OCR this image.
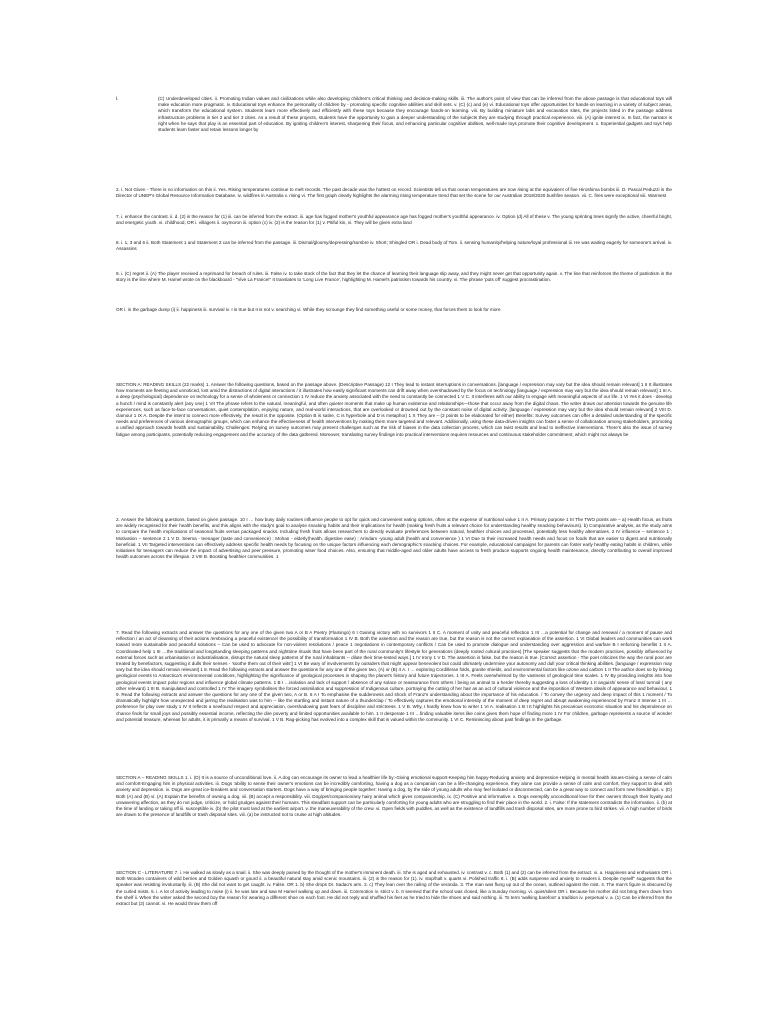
i.	(C) Underdeveloped cities. ii. Promoting Indian values and civilizations while also developing children's critical thinking and decision-making skills. iii. The author's point of view that can be inferred from the above passage is that educational toys will make education more pragmatic. iv. Educational toys enhance the personality of children by - promoting specific cognitive abilities and skill sets. v. (C) (c) and (e) vi. Educational toys offer opportunities for hands-on learning in a variety of subject areas, which transform the educational system. Students learn more effectively and efficiently with these toys because they encourage hands-on learning. viii. By building miniature labs and excavation sites, the projects listed in the passage address infrastructure problems in tier 2 and tier 3 cities. As a result of these projects, students have the opportunity to gain a deeper understanding of the subjects they are studying through practical experience. viii. (A) ignite interest ix. In fact, the narrator is right when he says that play is an essential part of education. By igniting children's interest, sharpening their focus, and enhancing particular cognitive abilities, well-made toys promote their cognitive development. x. Experiential gadgets and toys help students learn faster and retain lessons longer by

2. i. Not Given - There is no information on this ii. Yes. Rising temperatures continue to melt records. The past decade was the hottest on record. Scientists tell us that ocean temperatures are now rising at the equivalent of five Hiroshima bombs iii. D. Pascal Peduzzi is the Director of UNEP's Global Resource Information Database. iv. wildfires in Australia v. rising vi. The first graph clearly highlights the alarming rising temperature trend that set the scene for our Australian 2019/2020 bushfire season. vii. C. fires were exceptional viii. Warmest

7. i. enhance the contrast. ii. d. (2) is the reason for (1) iii. can be inferred from the extract. iii. age has fogged mother's youthful appearance age has fogged mother's youthful appearance. iv. Option (d) All of these v. The young sprinting trees signify the active, cheerful bright, and energetic youth. vi. childhood, OR i. villagers ii. oxymoron iii. option (c) iv. (2) is the reason for (1) v. Pitiful kin, vi. They will be given extra land

8. i. 1, 3 and 6 ii. Both Statement 1 and Statement 2 can be inferred from the passage. iii. Dismal/gloomy/depressing/sombre iv. Short; Shingled OR i. Dead body of Tom. ii. sensing humanity/helping nature/loyal professional iii. He was waiting eagerly for someone's arrival. iv. Assassins

9. i. (C) regret ii. (A) The player received a reprimand for breach of rules. iii. False iv. to take stock of the fact that they let the chance of learning their language slip away, and they might never get that opportunity again. v. The line that reinforces the theme of patriotism in the story is the line where M. Hamel wrote on the blackboard - "Vive La France!" It translates to 'Long Live France', highlighting M. Hamel's patriotism towards his country. vi. The phrase 'puts off' suggest procrastination.

OR i. in the garbage dump (i) ii. happiness iii. survival iv. I is true but II is not v. searching vi. While they scrounge they find something useful or some money, that forces them to look for more

SECTION A: READING SKILLS (22 marks) 1. Answer the following questions, based on the passage above. (Descriptive Passage) 12 I They lead to instant interruptions in conversations. [language / expression may vary but the idea should remain relevant] 1 II It illustrates how moments are fleeting and unnoticed, lost amid the distractions of digital interactions / it illustrates how easily significant moments can drift away when overshadowed by the focus on technology [language / expression may vary but the idea should remain relevant] 1 III A. a deep (psychological) dependence on technology for a sense of wholeness or connection 1 IV reduce the anxiety associated with the need to constantly be connected 1 V C. It interferes with our ability to engage with meaningful aspects of our life. 1 VI Yes it does - develop a hunch / mind is constantly alert (any one) 1 VII The phrase refers to the natural, meaningful, and often quieter moments that make up human existence and relationships—those that occur away from the digital chaos. The writer draws our attention towards the genuine life experiences, such as face-to-face conversations, quiet contemplation, enjoying nature, and real-world interactions, that are overlooked or drowned out by the constant noise of digital activity. [language / expression may vary but the idea should remain relevant] 2 VIII D. clamour 1 IX A. Despite the intent to connect more effectively, the result is the opposite. (Option B is satire, C is hyperbole and D is metaphor) 1 X They are – (2 points to be elaborated for either) Benefits: Survey outcomes can offer a detailed understanding of the specific needs and preferences of various demographic groups, which can enhance the effectiveness of health interventions by making them more targeted and relevant. Additionally, using these data-driven insights can foster a sense of collaboration among stakeholders, promoting a unified approach towards health and sustainability. Challenges: Relying on survey outcomes may present challenges such as the risk of biases in the data collection process, which can twist results and lead to ineffective interventions. There's also the issue of survey fatigue among participants, potentially reducing engagement and the accuracy of the data gathered. Moreover, translating survey findings into practical interventions requires resources and continuous stakeholder commitment, which might not always be

2. Answer the following questions, based on given passage. 10 I … how busy daily routines influence people to opt for quick and convenient eating options, often at the expense of nutritional value 1 II A. Primary purpose 1 III The TWO points are – a) Health focus, as fruits are widely recognised for their health benefits, and this aligns with the study's goal to analyse snacking habits and their implications for health (making fresh fruits a relevant choice for understanding healthy snacking behaviours). b) Comparative analysis, as the study aims to compare the health implications of seasonal fruits versus packaged snacks. Including fresh fruits allows researchers to directly evaluate preferences between natural, healthier choices and processed, potentially less healthy alternatives. 2 IV influence – sentence 1 ; Motivation – sentence 2 1 V D. Seema - teenager (taste and convenience) ; Mohan - elderly(health, digestive ease) ; Arindam -young adult (health and convenience ) 1 VI Due to their increased health needs and focus on foods that are easier to digest and nutritionally beneficial. 1 VII Targeted interventions can effectively address specific health needs by focusing on the unique factors influencing each demographic's snacking choices. For example, educational campaigns for parents can foster early healthy eating habits in children, while initiatives for teenagers can reduce the impact of advertising and peer pressure, promoting wiser food choices. Also, ensuring that middle-aged and older adults have access to fresh produce supports ongoing health maintenance, directly contributing to overall improved health outcomes across the lifespan. 2 VIII B. Boosting healthier communities. 1

7. Read the following extracts and answer the questions for any one of the given two A or B A Poetry (Flamingo) 6 I Gaining victory with no survivors 1 II C. A moment of unity and peaceful reflection 1 III …a potential for change and renewal / a moment of pause and reflection / an act of cleansing of their actions /embracing a peaceful existence/ the possibility of transformation 1 IV B. Both the assertion and the reason are true, but the reason is not the correct explanation of the assertion. 1 VI Global leaders and communities can work toward more sustainable and peaceful solutions – Can be used to advocate for non-violent resolutions / peace 1 negotiations in contemporary conflicts / Can be used to promote dialogue and understanding over aggression and warfare B I enforcing benefits 1 II A. Coordinated help 1 III …the traditional and longstanding sleeping patterns and nighttime rituals that have been part of the rural community's lifestyle for generations (deeply rooted cultural practices) [The speaker suggests that the modern practices, possibly influenced by external forces such as urbanisation or industrialisation, disrupt the natural sleep patterns of the rural inhabitants -- dilute their time-tested ways.] 1 IV Irony 1 V D. The assertion is false, but the reason is true. [Correct assertion - The poet criticizes the way the rural poor are treated by benefactors, suggesting it dulls their senses - 'soothe them out of their wits'] 1 VI Be wary of involvements by outsiders that might appear benevolent but could ultimately undermine your autonomy and dull your critical thinking abilities. [language / expression may vary but the idea should remain relevant] 1 8. Read the following extracts and answer the questions for any one of the given two, (A) or (B) 4 A. I … exploring Cordilleran folds, granite shields, and environmental factors like ozone and carbon 1 II The author does so by linking geological events to Antarctica's environmental conditions, highlighting the significance of geological processes in shaping the planet's history and future trajectories. 1 III A. Feels overwhelmed by the vastness of geological time scales. 1 IV By providing insights into how geological events impact polar regions and influence global climate patterns. 1 B I …isolation and lack of support / absence of any solace or reassurance from others / being an animal to a herder thereby suggesting a loss of identity 1 II anguish/ sense of loss/ turmoil ( any other relevant) 1 III B. manipulated and controlled 1 IV The imagery symbolises the forced assimilation and suppression of Indigenous culture, portraying the cutting of her hair as an act of cultural violence and the imposition of Western ideals of appearance and behaviour. 1 9. Read the following extracts and answer the questions for any one of the given two, A or B. 6 A I To emphasise the suddenness and shock of Franz's understanding about the importance of his education. / To convey the urgency and deep impact of this 1 moment / To dramatically highlight how unexpected and jarring the realisation was to him -- like the startling and instant nature of a thunderclap / To effectively captures the emotional intensity of the moment of deep regret and abrupt awakening experienced by Franz II Intense 1 III …preference for play over study 1 IV It reflects a newfound respect and appreciation, overshadowing past fears of discipline and strictness. 1 V B. Why, I hardly knew how to write! 1 VI A. realisation 1 B I It highlights his precarious economic situation and his dependence on chance finds for small joys and possibly essential income, reflecting the dire poverty and limited opportunities available to him. 1 II desperate 1 III …finding valuable items like coins gives them hope of finding more 1 IV For children, garbage represents a source of wonder and potential treasure, whereas for adults, it is primarily a means of survival. 1 V B. Rag-picking has evolved into a complex skill that is valued within the community. 1 VI C. Reminiscing about past findings in the garbage.

SECTION A – READING SKILLS 1. i. (D) It is a source of unconditional love. ii. A dog can encourage its owner to lead a healthier life by:-Giving emotional support-Keeping him happy-Reducing anxiety and depression-Helping in mental health issues-Giving a sense of calm and comfort-Engaging him in physical activities. iii. Dogs 'ability to sense their owner's emotions can be incredibly comforting, having a dog as a companion can be a life-changing experience, they alone can provide a sense of calm and comfort, they support to deal with anxiety and depression. iv. Dogs are great ice-breakers and conversation starters. Dogs have a way of bringing people together: Having a dog, by the side of young adults who may feel isolated or disconnected, can be a great way to connect and form new friendships. v. (D) Both (A) and (B) vi. (A) Explain the benefits of owning a dog. vii. (B) accept a responsibility. viii. Dog/pet/companion/any hairy animal which gives companionship. ix. (C) Positive and informative. x. Dogs exemplify unconditional love for their owners through their loyalty and unwavering affection, as they do not judge, criticize, or hold grudges against their humans. This steadfast support can be particularly comforting for young adults who are struggling to find their place in the world. 2. i. False: If the statement contradicts the information. ii. (b) at the time of landing or taking off iii. susceptible iv. (b) the pilot must land at the earliest airport. v. the maneuverability of the crew. vi. Open fields with puddles, as well as the existence of landfills and trash disposal sites, are more prone to bird strikes. vii. A high number of birds are drawn to the presence of landfills or trash disposal sites. viii. (a) be instructed not to cruise at high altitudes.

SECTION C - LITERATURE 7. i. He walked as slowly as a snail. ii. She was deeply pained by the thought of the mother's imminent death. iii. She is aged and exhausted. iv. contrast v. c. Both (1) and (2) can be inferred from the extract. vi. a. Happiness and enthusiasm OR i. Both Wooden containers of wild berries and Golden squash or gourd ii. a beautiful natural stay amid scenic mountains. iii. (2) is the reason for (1). iv. stop/halt v. quarts vi. Polished traffic 8. i. (B) adds suspense and anxiety to readers ii. Despite myself" suggests that the speaker was resisting involuntarily. iii. (B) She did not want to get caught. iv. False. OR 1. b) She drops Dr. Sadao's arm. 2. c) They lean over the railing of the veranda. 3. The man was flung up out of the ocean, outlined against the mist. 4. The man's figure is obscured by the curled mists. 5. i. A lot of activity leading to noise (i) ii. he was late and saw M Hamel walking up and down. iii. Commotion iv. strict v. b. It seemed that the school was closed, like a Sunday morning. vi. quiet/silent OR i. Because his mother did not bring them down from the shelf ii. When the writer asked the second boy the reason for wearing a different shoe on each foot. He did not reply and shuffled his feet as he tried to hide the shoes and said nothing. iii. To term 'walking barefoot' a tradition iv. perpetual v. a. (1) Can be inferred from the extract but (2) cannot. vi. He would throw them off
